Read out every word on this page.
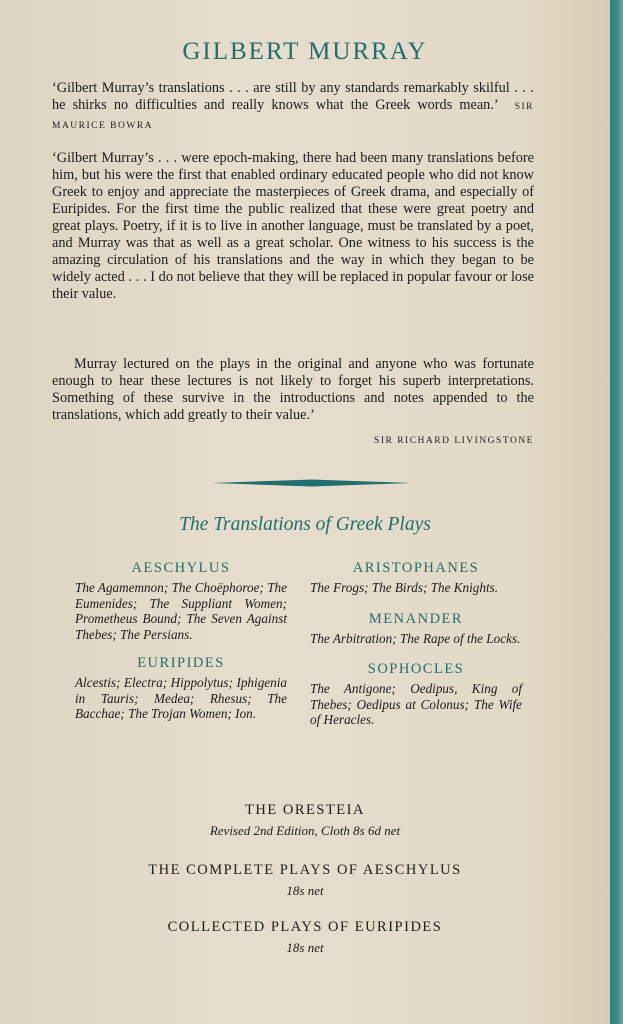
GILBERT MURRAY

‘Gilbert Murray’s translations . . . are still by any standards remarkably skilful . . . he shirks no difficulties and really knows what the Greek words mean.’ SIR MAURICE BOWRA

‘Gilbert Murray’s . . . were epoch-making, there had been many translations before him, but his were the first that enabled ordinary educated people who did not know Greek to enjoy and appreciate the masterpieces of Greek drama, and especially of Euripides. For the first time the public realized that these were great poetry and great plays. Poetry, if it is to live in another language, must be translated by a poet, and Murray was that as well as a great scholar. One witness to his success is the amazing circulation of his translations and the way in which they began to be widely acted . . . I do not believe that they will be replaced in popular favour or lose their value.

Murray lectured on the plays in the original and anyone who was fortunate enough to hear these lectures is not likely to forget his superb interpretations. Something of these survive in the introductions and notes appended to the translations, which add greatly to their value.’

SIR RICHARD LIVINGSTONE
The Translations of Greek Plays
AESCHYLUS

The Agamemnon; The Choëphoroe; The Eumenides; The Suppliant Women; Prometheus Bound; The Seven Against Thebes; The Persians.

EURIPIDES

Alcestis; Electra; Hippolytus; Iphigenia in Tauris; Medea; Rhesus; The Bacchae; The Trojan Women; Ion.

ARISTOPHANES

The Frogs; The Birds; The Knights.

MENANDER

The Arbitration; The Rape of the Locks.

SOPHOCLES

The Antigone; Oedipus, King of Thebes; Oedipus at Colonus; The Wife of Heracles.

THE ORESTEIA
Revised 2nd Edition, Cloth 8s 6d net
THE COMPLETE PLAYS OF AESCHYLUS
18s net
COLLECTED PLAYS OF EURIPIDES
18s net
